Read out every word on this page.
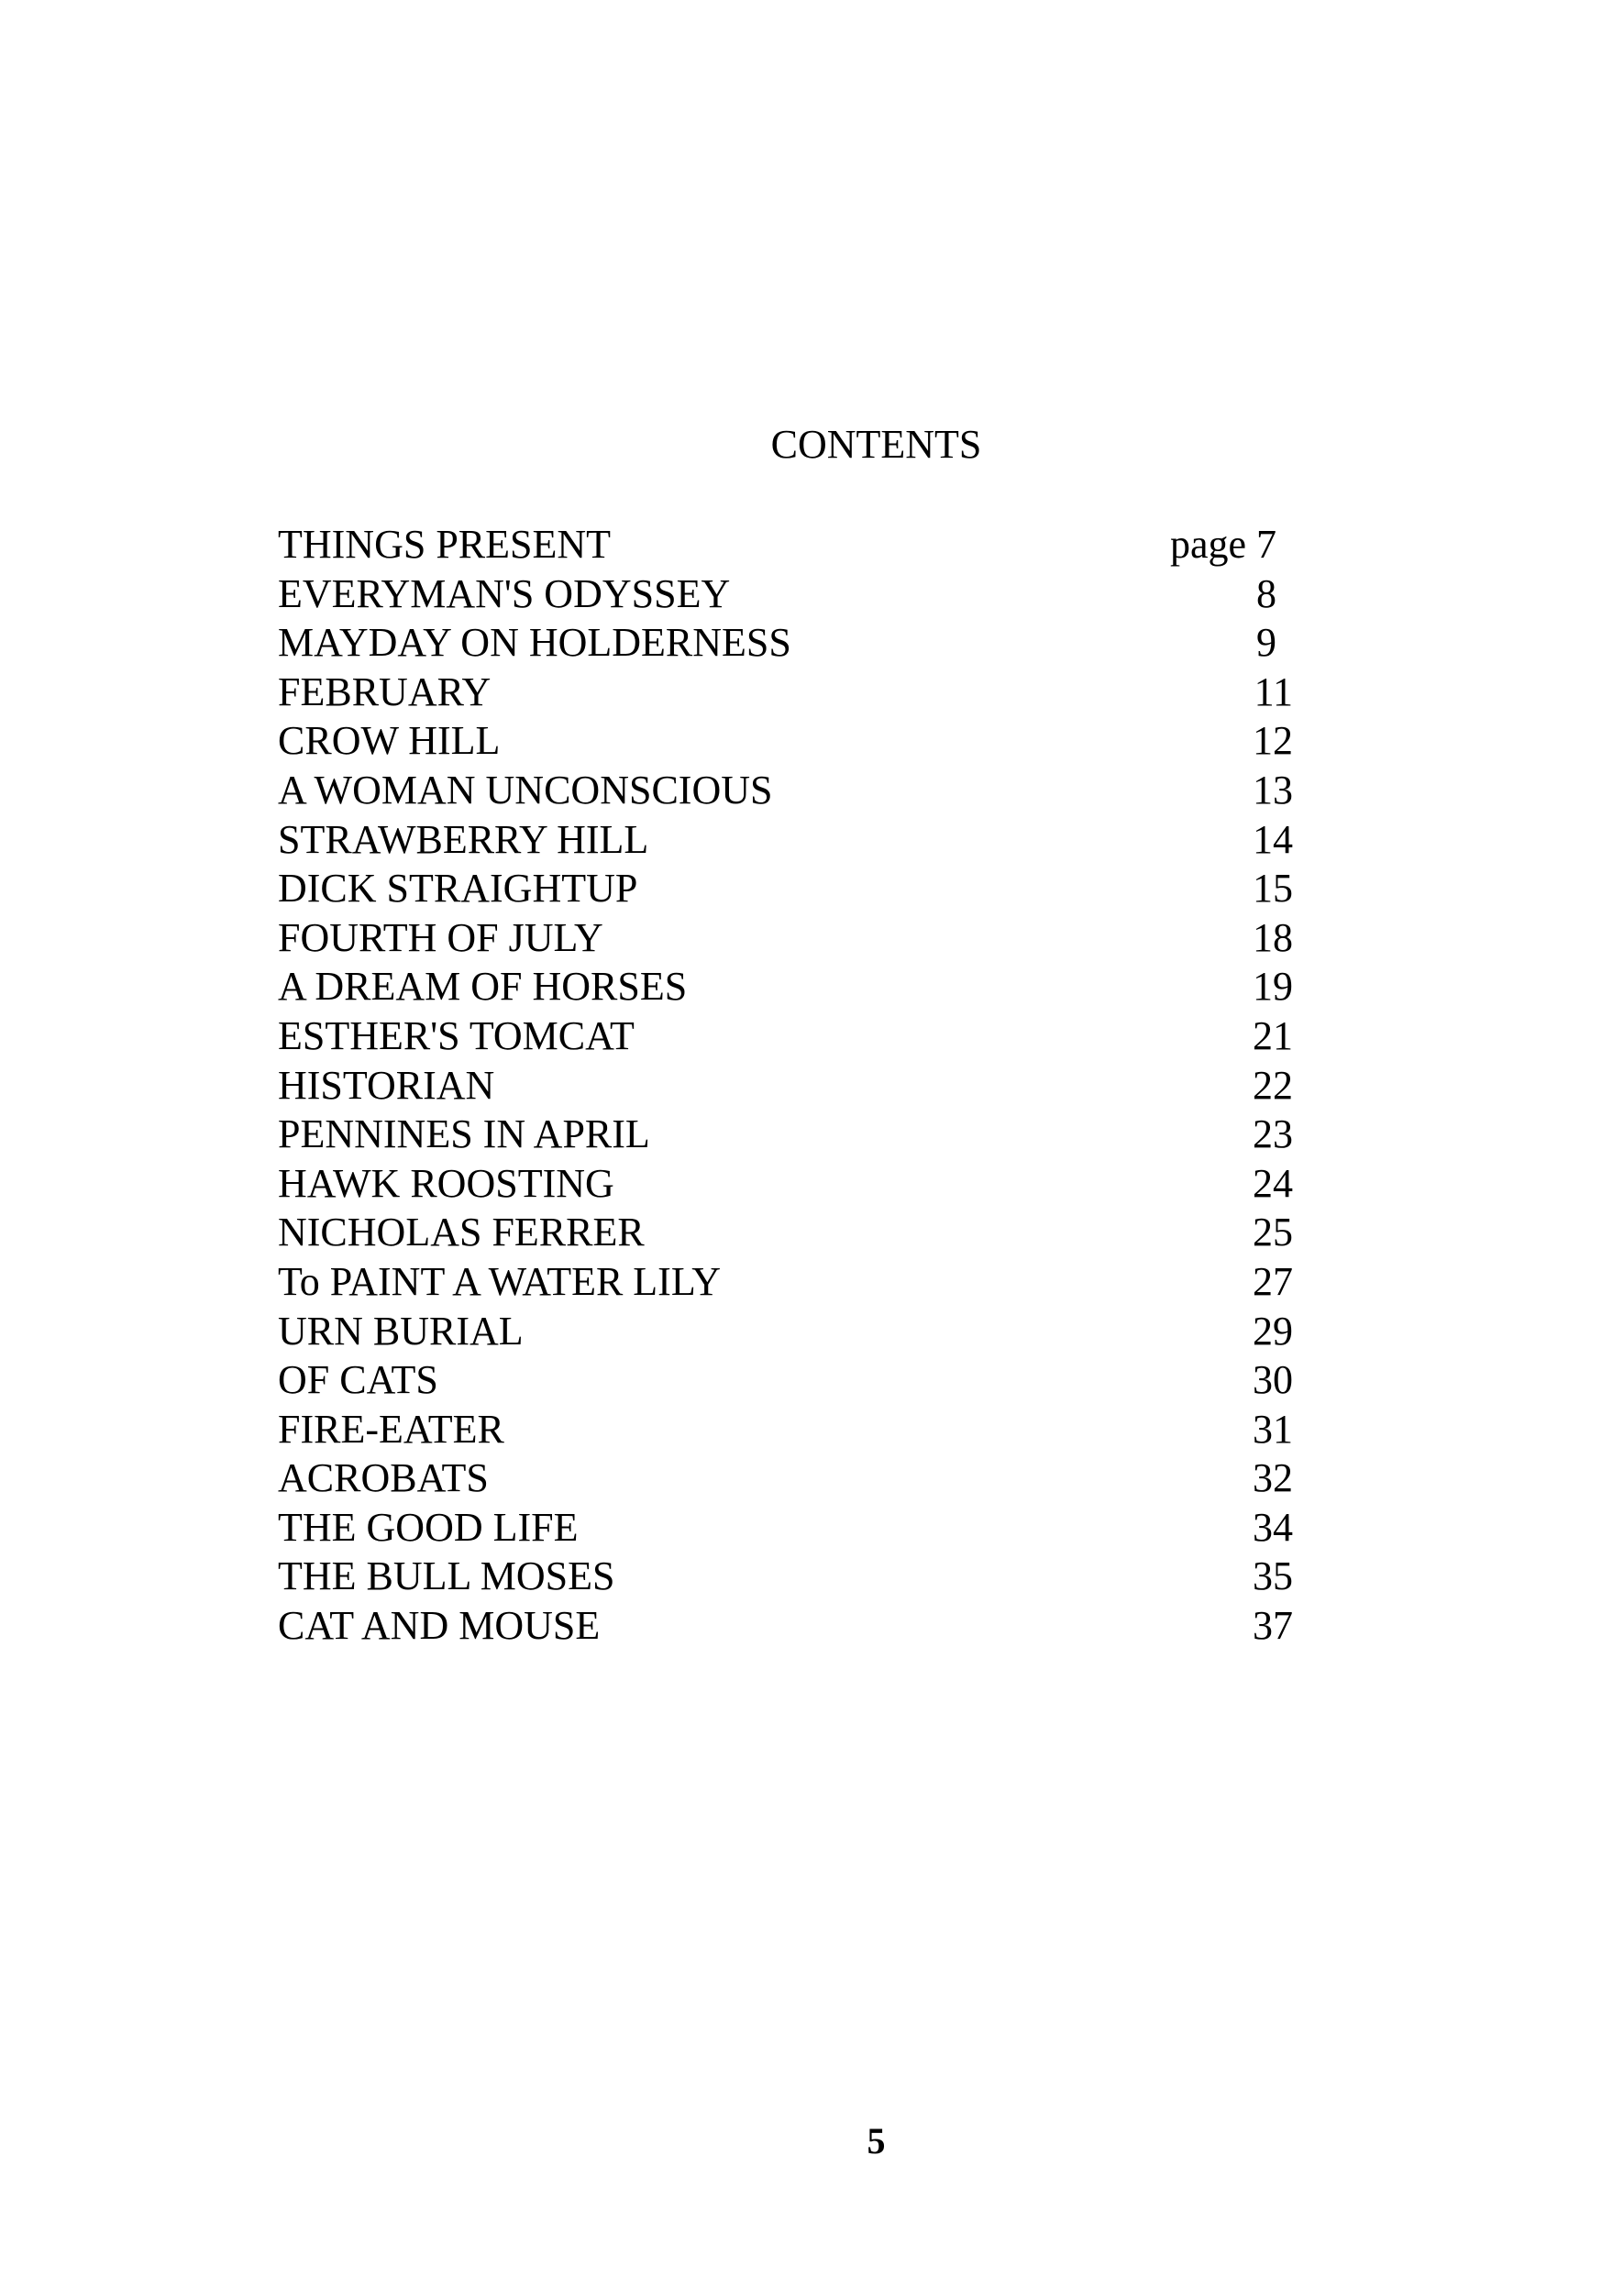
CONTENTS
THINGS PRESENT	page 7
EVERYMAN'S ODYSSEY	8
MAYDAY ON HOLDERNESS	9
FEBRUARY	11
CROW HILL	12
A WOMAN UNCONSCIOUS	13
STRAWBERRY HILL	14
DICK STRAIGHTUP	15
FOURTH OF JULY	18
A DREAM OF HORSES	19
ESTHER'S TOMCAT	21
HISTORIAN	22
PENNINES IN APRIL	23
HAWK ROOSTING	24
NICHOLAS FERRER	25
To PAINT A WATER LILY	27
URN BURIAL	29
OF CATS	30
FIRE-EATER	31
ACROBATS	32
THE GOOD LIFE	34
THE BULL MOSES	35
CAT AND MOUSE	37
5
